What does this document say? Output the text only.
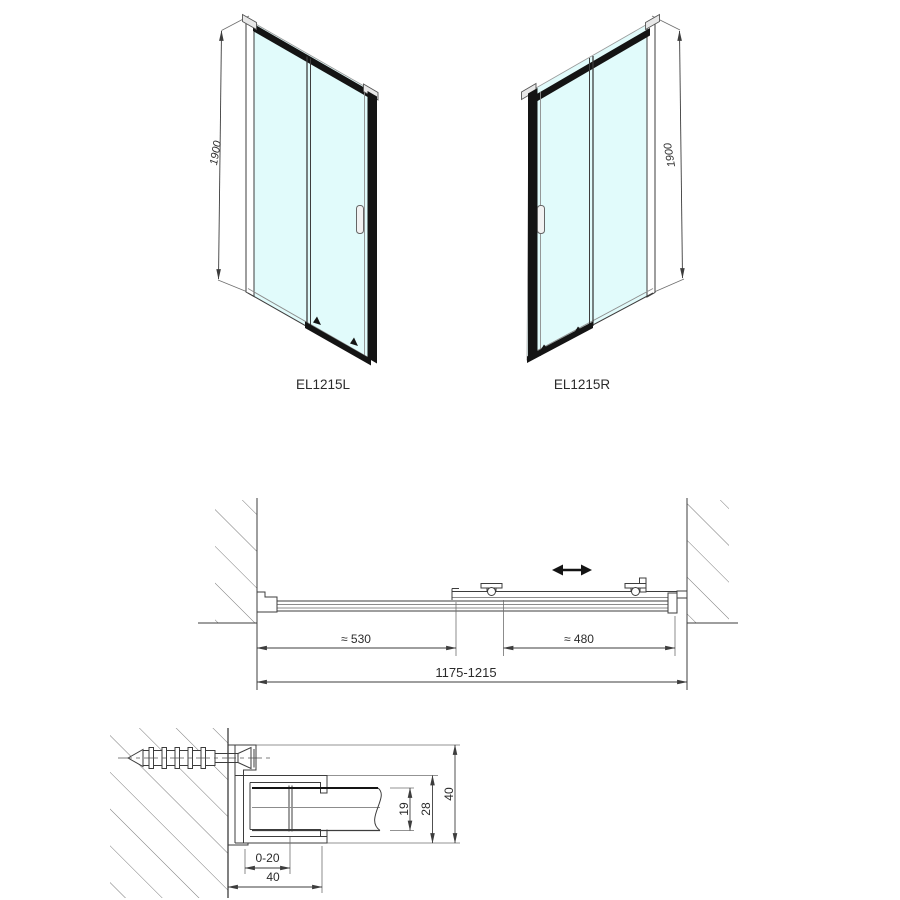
1900
EL1215L
1900
EL1215R
≈ 530	≈ 480
1175-1215
19 28
40
0-20
40
